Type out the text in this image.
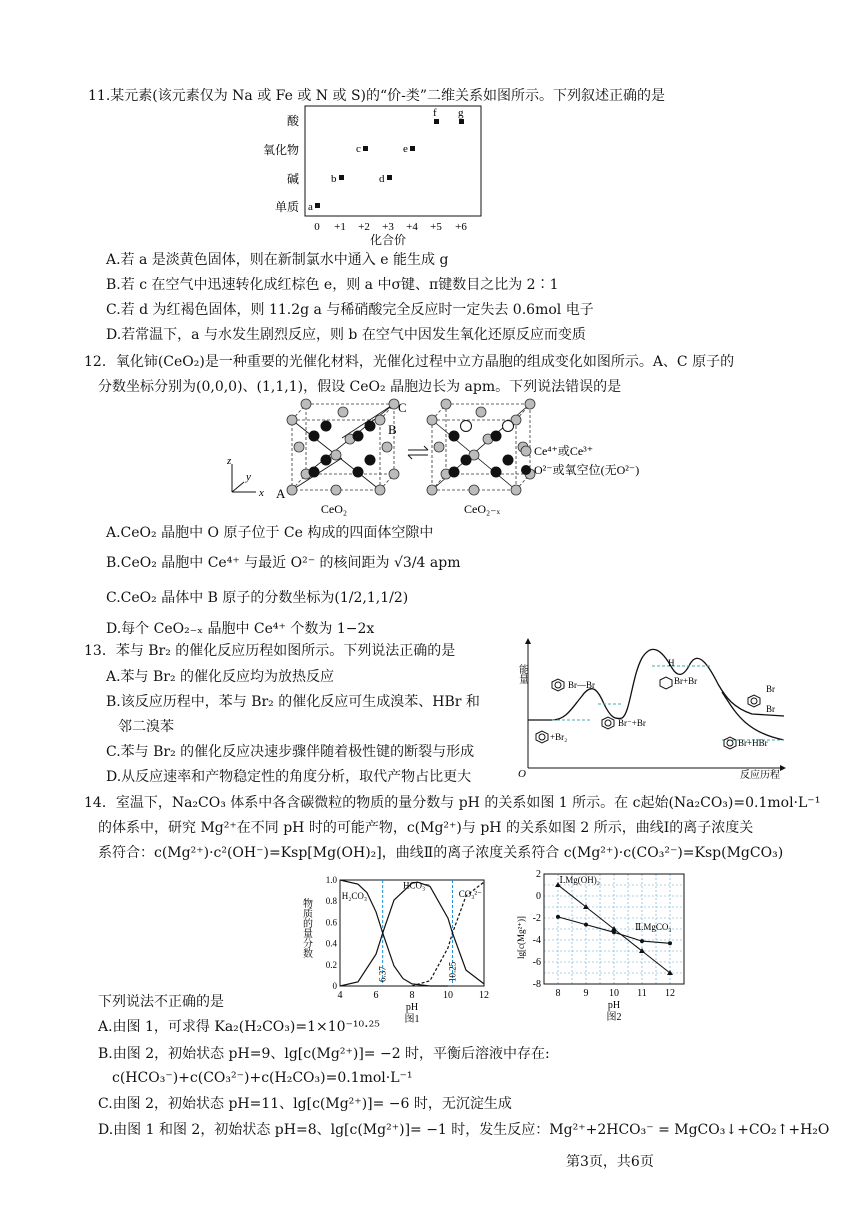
11.某元素(该元素仅为 Na 或 Fe 或 N 或 S)的“价-类”二维关系如图所示。下列叙述正确的是
酸
氧化物
碱
单质
0 +1 +2 +3 +4 +5 +6
化合价
a
b
c
d
e
f g
A.若 a 是淡黄色固体，则在新制氯水中通入 e 能生成 g
B.若 c 在空气中迅速转化成红棕色 e，则 a 中σ键、π键数目之比为 2∶1
C.若 d 为红褐色固体，则 11.2g a 与稀硝酸完全反应时一定失去 0.6mol 电子
D.若常温下，a 与水发生剧烈反应，则 b 在空气中因发生氧化还原反应而变质
12．氧化铈(CeO₂)是一种重要的光催化材料，光催化过程中立方晶胞的组成变化如图所示。A、C 原子的
分数坐标分别为(0,0,0)、(1,1,1)，假设 CeO₂ 晶胞边长为 apm。下列说法错误的是
z
x
y
A
B
C
CeO₂	CeO₂₋ₓ
Ce⁴⁺或Ce³⁺
O²⁻或氧空位(无O²⁻)
A.CeO₂ 晶胞中 O 原子位于 Ce 构成的四面体空隙中
B.CeO₂ 晶胞中 Ce⁴⁺ 与最近 O²⁻ 的核间距为 √3/4 apm
C.CeO₂ 晶体中 B 原子的分数坐标为(1/2,1,1/2)
D.每个 CeO₂₋ₓ 晶胞中 Ce⁴⁺ 个数为 1−2x
13．苯与 Br₂ 的催化反应历程如图所示。下列说法正确的是
A.苯与 Br₂ 的催化反应均为放热反应
B.该反应历程中，苯与 Br₂ 的催化反应可生成溴苯、HBr 和
邻二溴苯
C.苯与 Br₂ 的催化反应决速步骤伴随着极性键的断裂与形成
D.从反应速率和产物稳定性的角度分析，取代产物占比更大
能量
O	反应历程
+Br₂
Br—Br
Br⁻+Br
H
Br+Br
Br
Br
Br+HBr
14．室温下，Na₂CO₃ 体系中各含碳微粒的物质的量分数与 pH 的关系如图 1 所示。在 c起始(Na₂CO₃)=0.1mol·L⁻¹
的体系中，研究 Mg²⁺在不同 pH 时的可能产物，c(Mg²⁺)与 pH 的关系如图 2 所示，曲线Ⅰ的离子浓度关
系符合：c(Mg²⁺)·c²(OH⁻)=Ksp[Mg(OH)₂]，曲线Ⅱ的离子浓度关系符合 c(Mg²⁺)·c(CO₃²⁻)=Ksp(MgCO₃)
4	6	8	10	12
0
0.2
0.4
0.6
0.8
1.0
pH
图1
物质的量分数
6.37	10.25
H₂CO₃
HCO₃⁻
CO₃²⁻
8 9 10 11 12
2
0
-2
-4
-6
-8
pH
图2
lg[c(Mg²⁺)]
Ⅰ.Mg(OH)₂
Ⅱ.MgCO₃
下列说法不正确的是
A.由图 1，可求得 Ka₂(H₂CO₃)=1×10⁻¹⁰·²⁵
B.由图 2，初始状态 pH=9、lg[c(Mg²⁺)]= −2 时，平衡后溶液中存在:
c(HCO₃⁻)+c(CO₃²⁻)+c(H₂CO₃)=0.1mol·L⁻¹
C.由图 2，初始状态 pH=11、lg[c(Mg²⁺)]= −6 时，无沉淀生成
D.由图 1 和图 2，初始状态 pH=8、lg[c(Mg²⁺)]= −1 时，发生反应：Mg²⁺+2HCO₃⁻ = MgCO₃↓+CO₂↑+H₂O
第3页，共6页
